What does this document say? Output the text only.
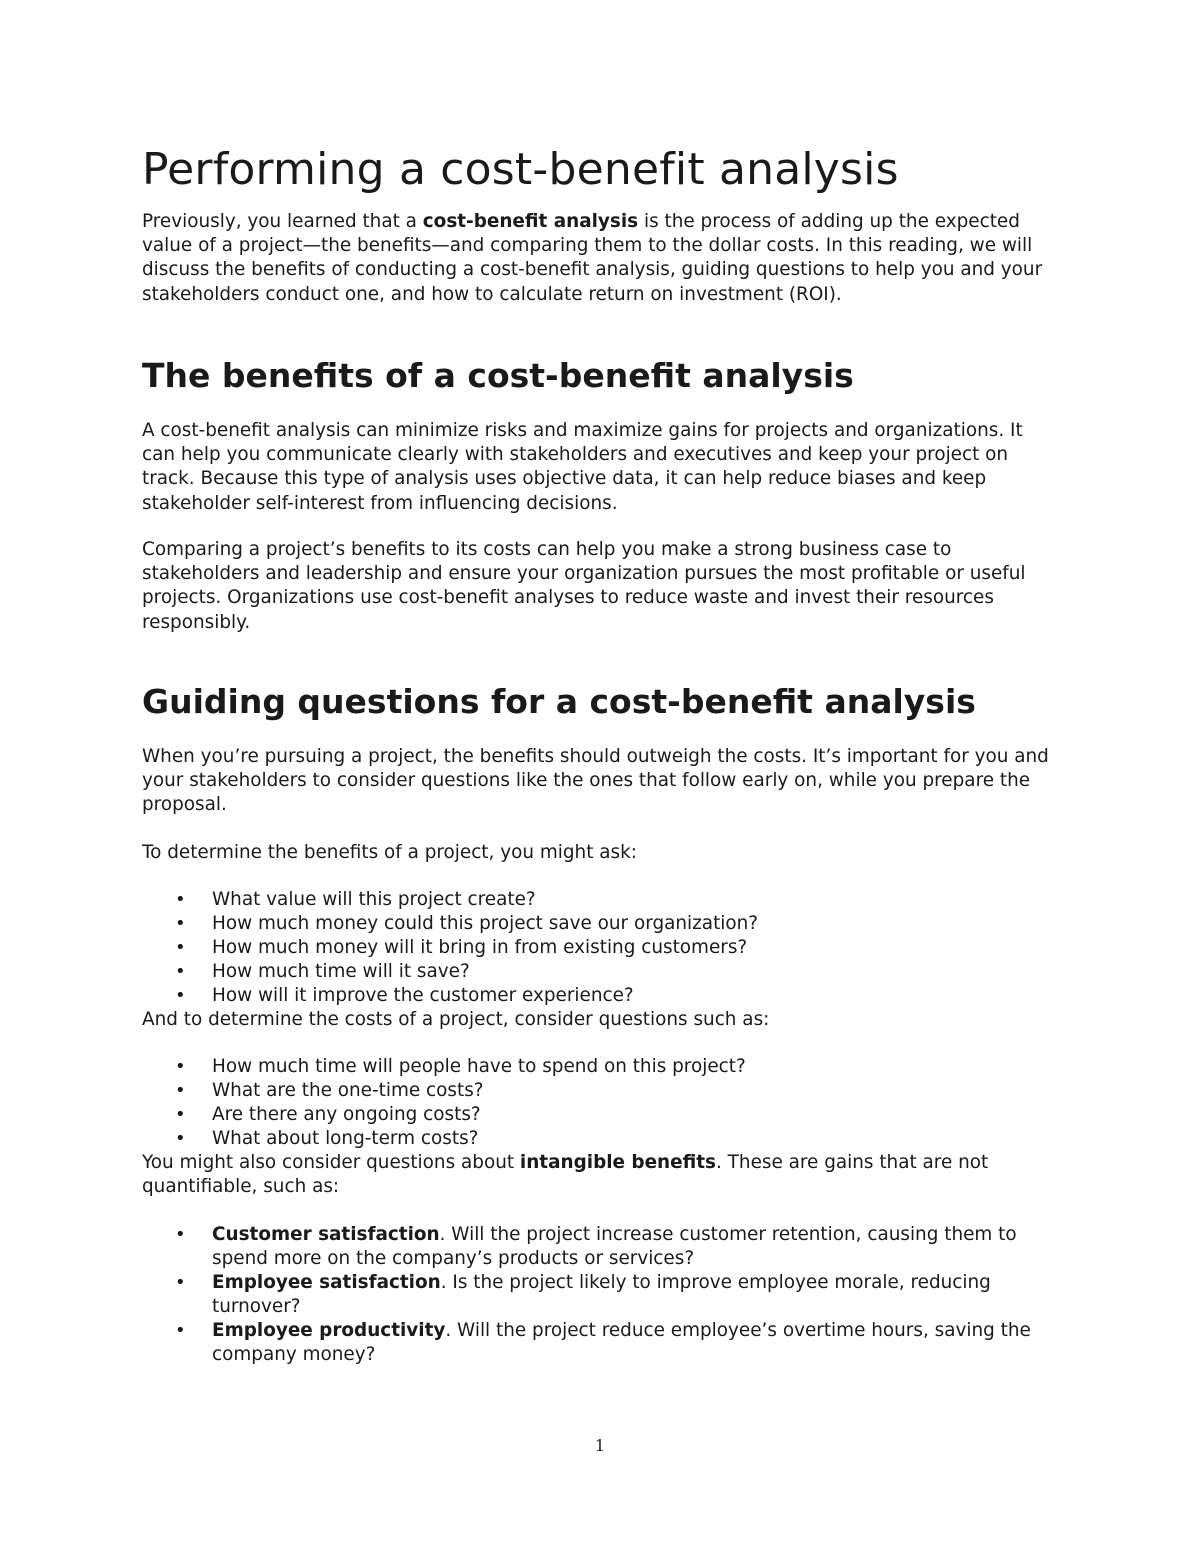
Performing a cost-benefit analysis

Previously, you learned that a cost-benefit analysis is the process of adding up the expected value of a project—the benefits—and comparing them to the dollar costs. In this reading, we will discuss the benefits of conducting a cost-benefit analysis, guiding questions to help you and your stakeholders conduct one, and how to calculate return on investment (ROI).

The benefits of a cost-benefit analysis

A cost-benefit analysis can minimize risks and maximize gains for projects and organizations. It can help you communicate clearly with stakeholders and executives and keep your project on track. Because this type of analysis uses objective data, it can help reduce biases and keep stakeholder self-interest from influencing decisions.

Comparing a project’s benefits to its costs can help you make a strong business case to stakeholders and leadership and ensure your organization pursues the most profitable or useful projects. Organizations use cost-benefit analyses to reduce waste and invest their resources responsibly.

Guiding questions for a cost-benefit analysis

When you’re pursuing a project, the benefits should outweigh the costs. It’s important for you and your stakeholders to consider questions like the ones that follow early on, while you prepare the proposal.

To determine the benefits of a project, you might ask:

• What value will this project create?
• How much money could this project save our organization?
• How much money will it bring in from existing customers?
• How much time will it save?
• How will it improve the customer experience?

And to determine the costs of a project, consider questions such as:

• How much time will people have to spend on this project?
• What are the one-time costs?
• Are there any ongoing costs?
• What about long-term costs?

You might also consider questions about intangible benefits. These are gains that are not quantifiable, such as:

• Customer satisfaction. Will the project increase customer retention, causing them to spend more on the company’s products or services?
• Employee satisfaction. Is the project likely to improve employee morale, reducing turnover?
• Employee productivity. Will the project reduce employee’s overtime hours, saving the company money?
1
